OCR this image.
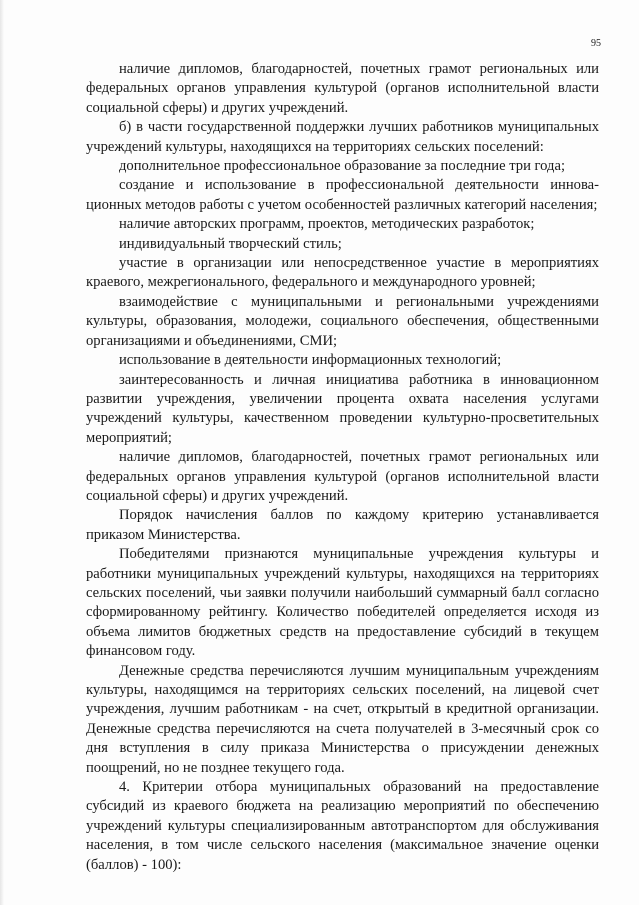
95

наличие дипломов, благодарностей, почетных грамот региональных или федеральных органов управления культурой (органов исполнительной власти социальной сферы) и других учреждений.

б) в части государственной поддержки лучших работников муниципальных учреждений культуры, находящихся на территориях сельских поселений:

дополнительное профессиональное образование за последние три года;

создание и использование в профессиональной деятельности инновационных методов работы с учетом особенностей различных категорий населения;

наличие авторских программ, проектов, методических разработок;

индивидуальный творческий стиль;

участие в организации или непосредственное участие в мероприятиях краевого, межрегионального, федерального и международного уровней;

взаимодействие с муниципальными и региональными учреждениями культуры, образования, молодежи, социального обеспечения, общественными организациями и объединениями, СМИ;

использование в деятельности информационных технологий;

заинтересованность и личная инициатива работника в инновационном развитии учреждения, увеличении процента охвата населения услугами учреждений культуры, качественном проведении культурно-просветительных мероприятий;

наличие дипломов, благодарностей, почетных грамот региональных или федеральных органов управления культурой (органов исполнительной власти социальной сферы) и других учреждений.

Порядок начисления баллов по каждому критерию устанавливается приказом Министерства.

Победителями признаются муниципальные учреждения культуры и работники муниципальных учреждений культуры, находящихся на территориях сельских поселений, чьи заявки получили наибольший суммарный балл согласно сформированному рейтингу. Количество победителей определяется исходя из объема лимитов бюджетных средств на предоставление субсидий в текущем финансовом году.

Денежные средства перечисляются лучшим муниципальным учреждениям культуры, находящимся на территориях сельских поселений, на лицевой счет учреждения, лучшим работникам - на счет, открытый в кредитной организации. Денежные средства перечисляются на счета получателей в 3-месячный срок со дня вступления в силу приказа Министерства о присуждении денежных поощрений, но не позднее текущего года.

4. Критерии отбора муниципальных образований на предоставление субсидий из краевого бюджета на реализацию мероприятий по обеспечению учреждений культуры специализированным автотранспортом для обслуживания населения, в том числе сельского населения (максимальное значение оценки (баллов) - 100):
